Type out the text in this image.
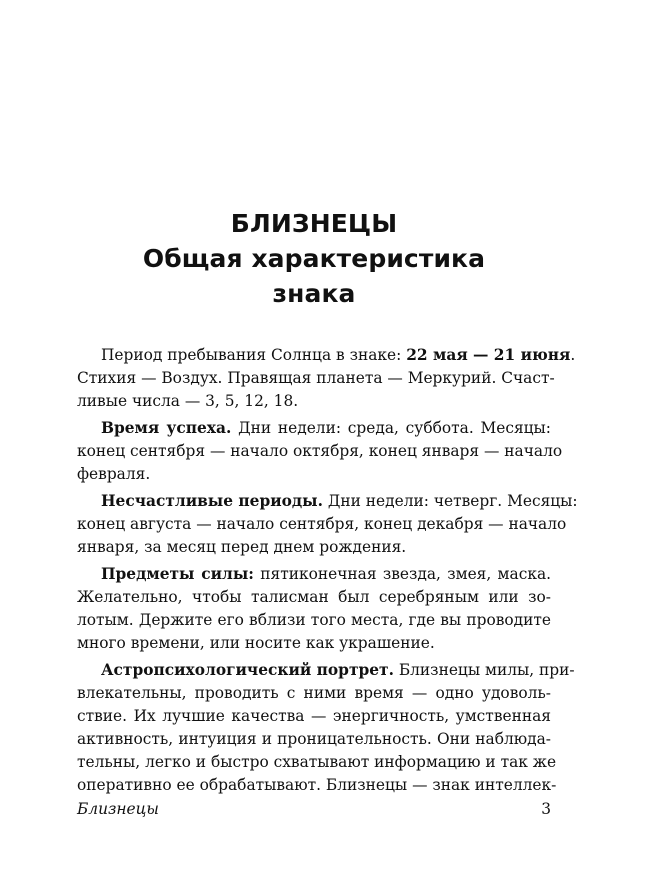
БЛИЗНЕЦЫ
Общая характеристика
знака
Период пребывания Солнца в знаке: 22 мая — 21 июня.
Стихия — Воздух. Правящая планета — Меркурий. Счаст-
ливые числа — 3, 5, 12, 18.
Время успеха. Дни недели: среда, суббота. Месяцы:
конец сентября — начало октября, конец января — начало
февраля.
Несчастливые периоды. Дни недели: четверг. Месяцы:
конец августа — начало сентября, конец декабря — начало
января, за месяц перед днем рождения.
Предметы силы: пятиконечная звезда, змея, маска.
Желательно, чтобы талисман был серебряным или зо-
лотым. Держите его вблизи того места, где вы проводите
много времени, или носите как украшение.
Астропсихологический портрет. Близнецы милы, при-
влекательны, проводить с ними время — одно удоволь-
ствие. Их лучшие качества — энергичность, умственная
активность, интуиция и проницательность. Они наблюда-
тельны, легко и быстро схватывают информацию и так же
оперативно ее обрабатывают. Близнецы — знак интеллек-
Близнецы	3
